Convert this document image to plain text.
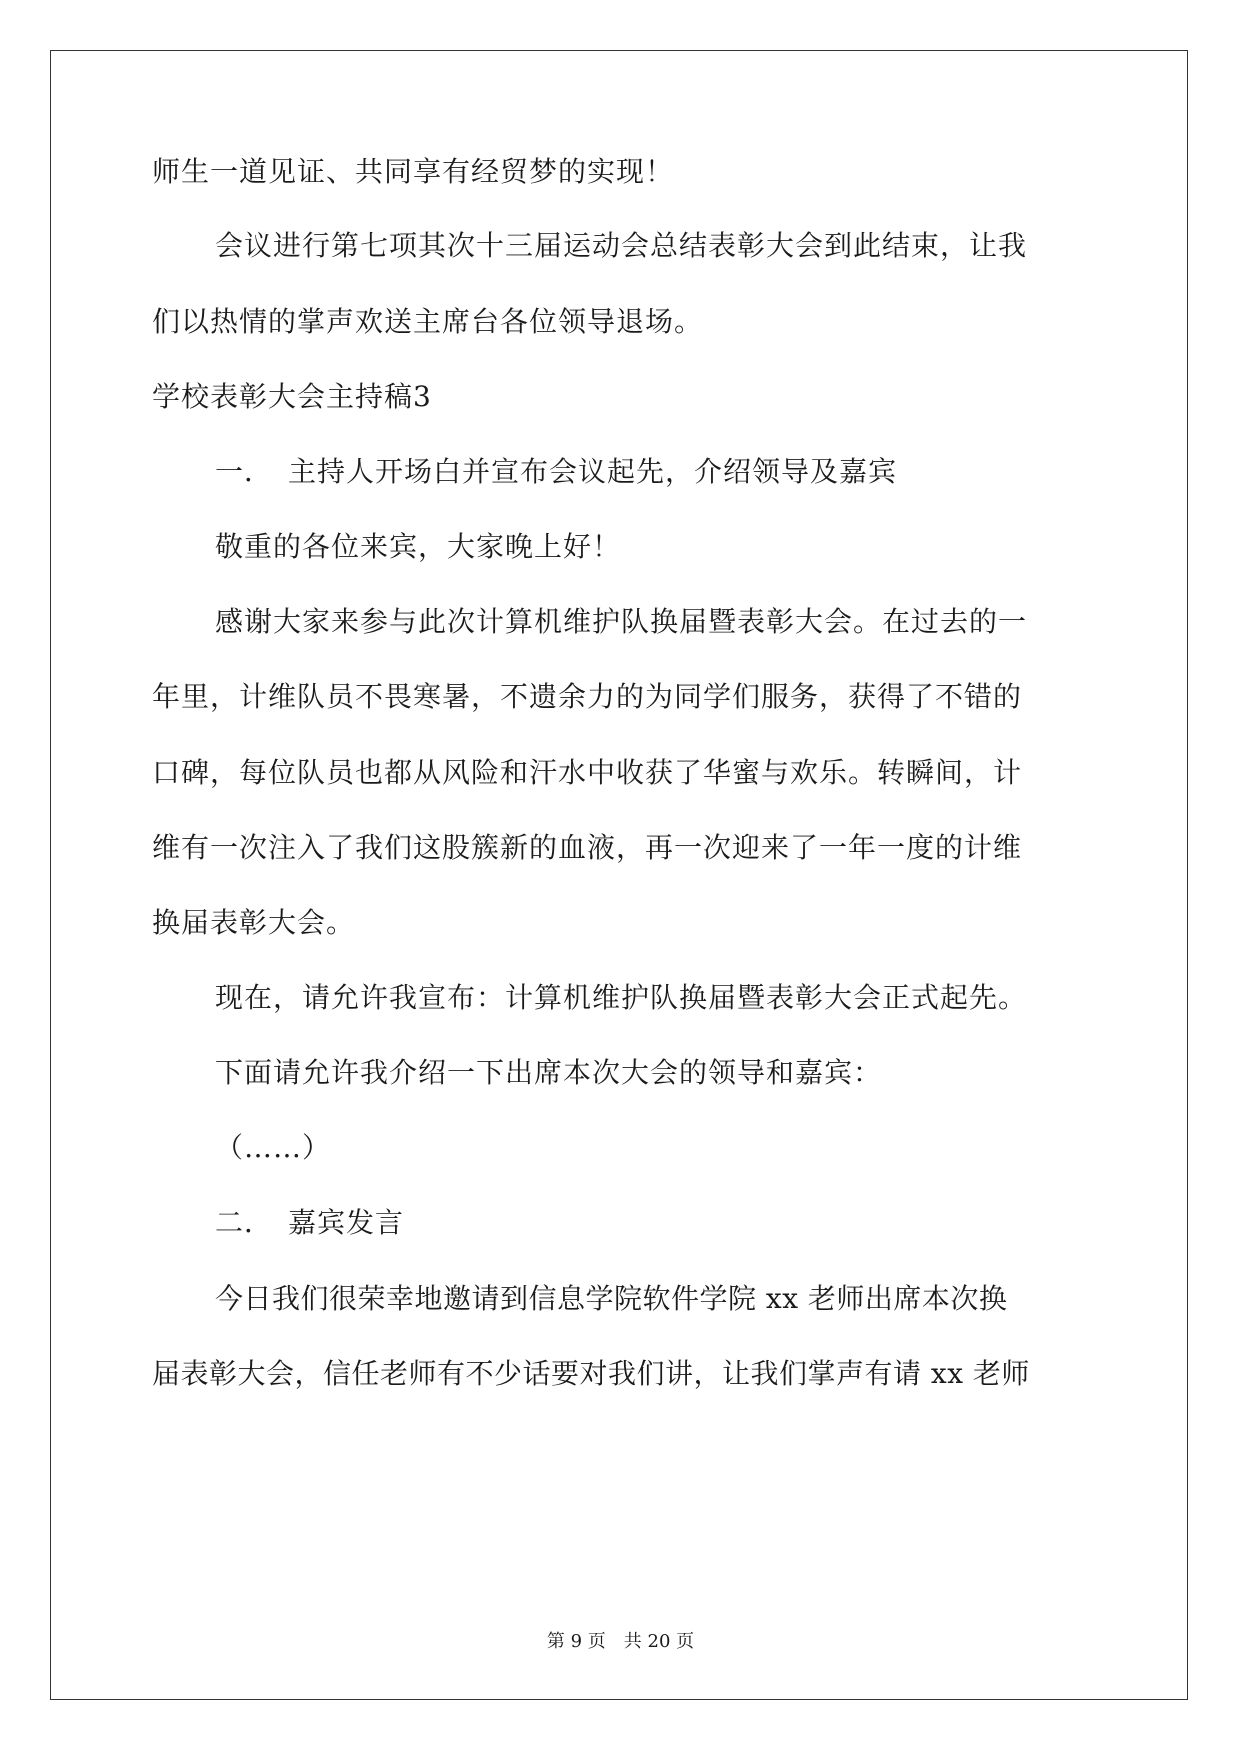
师生一道见证、共同享有经贸梦的实现！
会议进行第七项其次十三届运动会总结表彰大会到此结束，让我
们以热情的掌声欢送主席台各位领导退场。
学校表彰大会主持稿3
一．　主持人开场白并宣布会议起先，介绍领导及嘉宾
敬重的各位来宾，大家晚上好！
感谢大家来参与此次计算机维护队换届暨表彰大会。在过去的一
年里，计维队员不畏寒暑，不遗余力的为同学们服务，获得了不错的
口碑，每位队员也都从风险和汗水中收获了华蜜与欢乐。转瞬间，计
维有一次注入了我们这股簇新的血液，再一次迎来了一年一度的计维
换届表彰大会。
现在，请允许我宣布：计算机维护队换届暨表彰大会正式起先。
下面请允许我介绍一下出席本次大会的领导和嘉宾：
（……）
二．　嘉宾发言
今日我们很荣幸地邀请到信息学院软件学院 xx 老师出席本次换
届表彰大会，信任老师有不少话要对我们讲，让我们掌声有请 xx 老师
第 9 页　共 20 页
